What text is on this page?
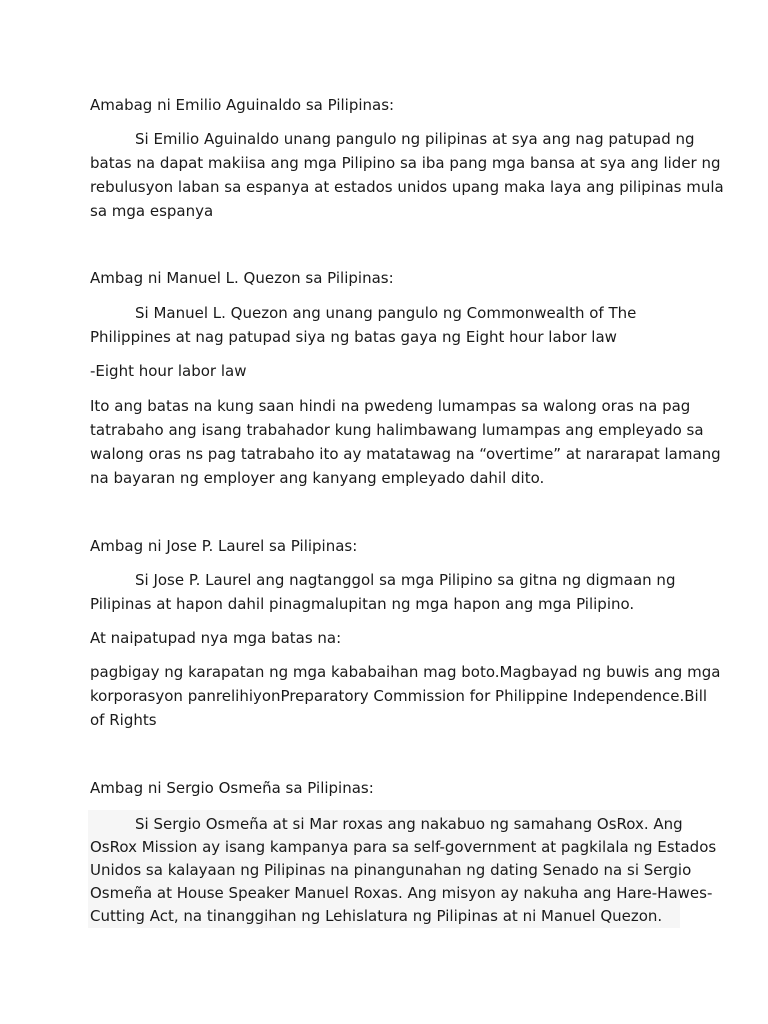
Amabag ni Emilio Aguinaldo sa Pilipinas:
Si Emilio Aguinaldo unang pangulo ng pilipinas at sya ang nag patupad ng
batas na dapat makiisa ang mga Pilipino sa iba pang mga bansa at sya ang lider ng
rebulusyon laban sa espanya at estados unidos upang maka laya ang pilipinas mula
sa mga espanya
Ambag ni Manuel L. Quezon sa Pilipinas:
Si Manuel L. Quezon ang unang pangulo ng Commonwealth of The
Philippines at nag patupad siya ng batas gaya ng Eight hour labor law
-Eight hour labor law
Ito ang batas na kung saan hindi na pwedeng lumampas sa walong oras na pag
tatrabaho ang isang trabahador kung halimbawang lumampas ang empleyado sa
walong oras ns pag tatrabaho ito ay matatawag na “overtime” at nararapat lamang
na bayaran ng employer ang kanyang empleyado dahil dito.
Ambag ni Jose P. Laurel sa Pilipinas:
Si Jose P. Laurel ang nagtanggol sa mga Pilipino sa gitna ng digmaan ng
Pilipinas at hapon dahil pinagmalupitan ng mga hapon ang mga Pilipino.
At naipatupad nya mga batas na:
pagbigay ng karapatan ng mga kababaihan mag boto.Magbayad ng buwis ang mga
korporasyon panrelihiyonPreparatory Commission for Philippine Independence.Bill
of Rights
Ambag ni Sergio Osmeña sa Pilipinas:
Si Sergio Osmeña at si Mar roxas ang nakabuo ng samahang OsRox. Ang
OsRox Mission ay isang kampanya para sa self-government at pagkilala ng Estados
Unidos sa kalayaan ng Pilipinas na pinangunahan ng dating Senado na si Sergio
Osmeña at House Speaker Manuel Roxas. Ang misyon ay nakuha ang Hare-Hawes-
Cutting Act, na tinanggihan ng Lehislatura ng Pilipinas at ni Manuel Quezon.
